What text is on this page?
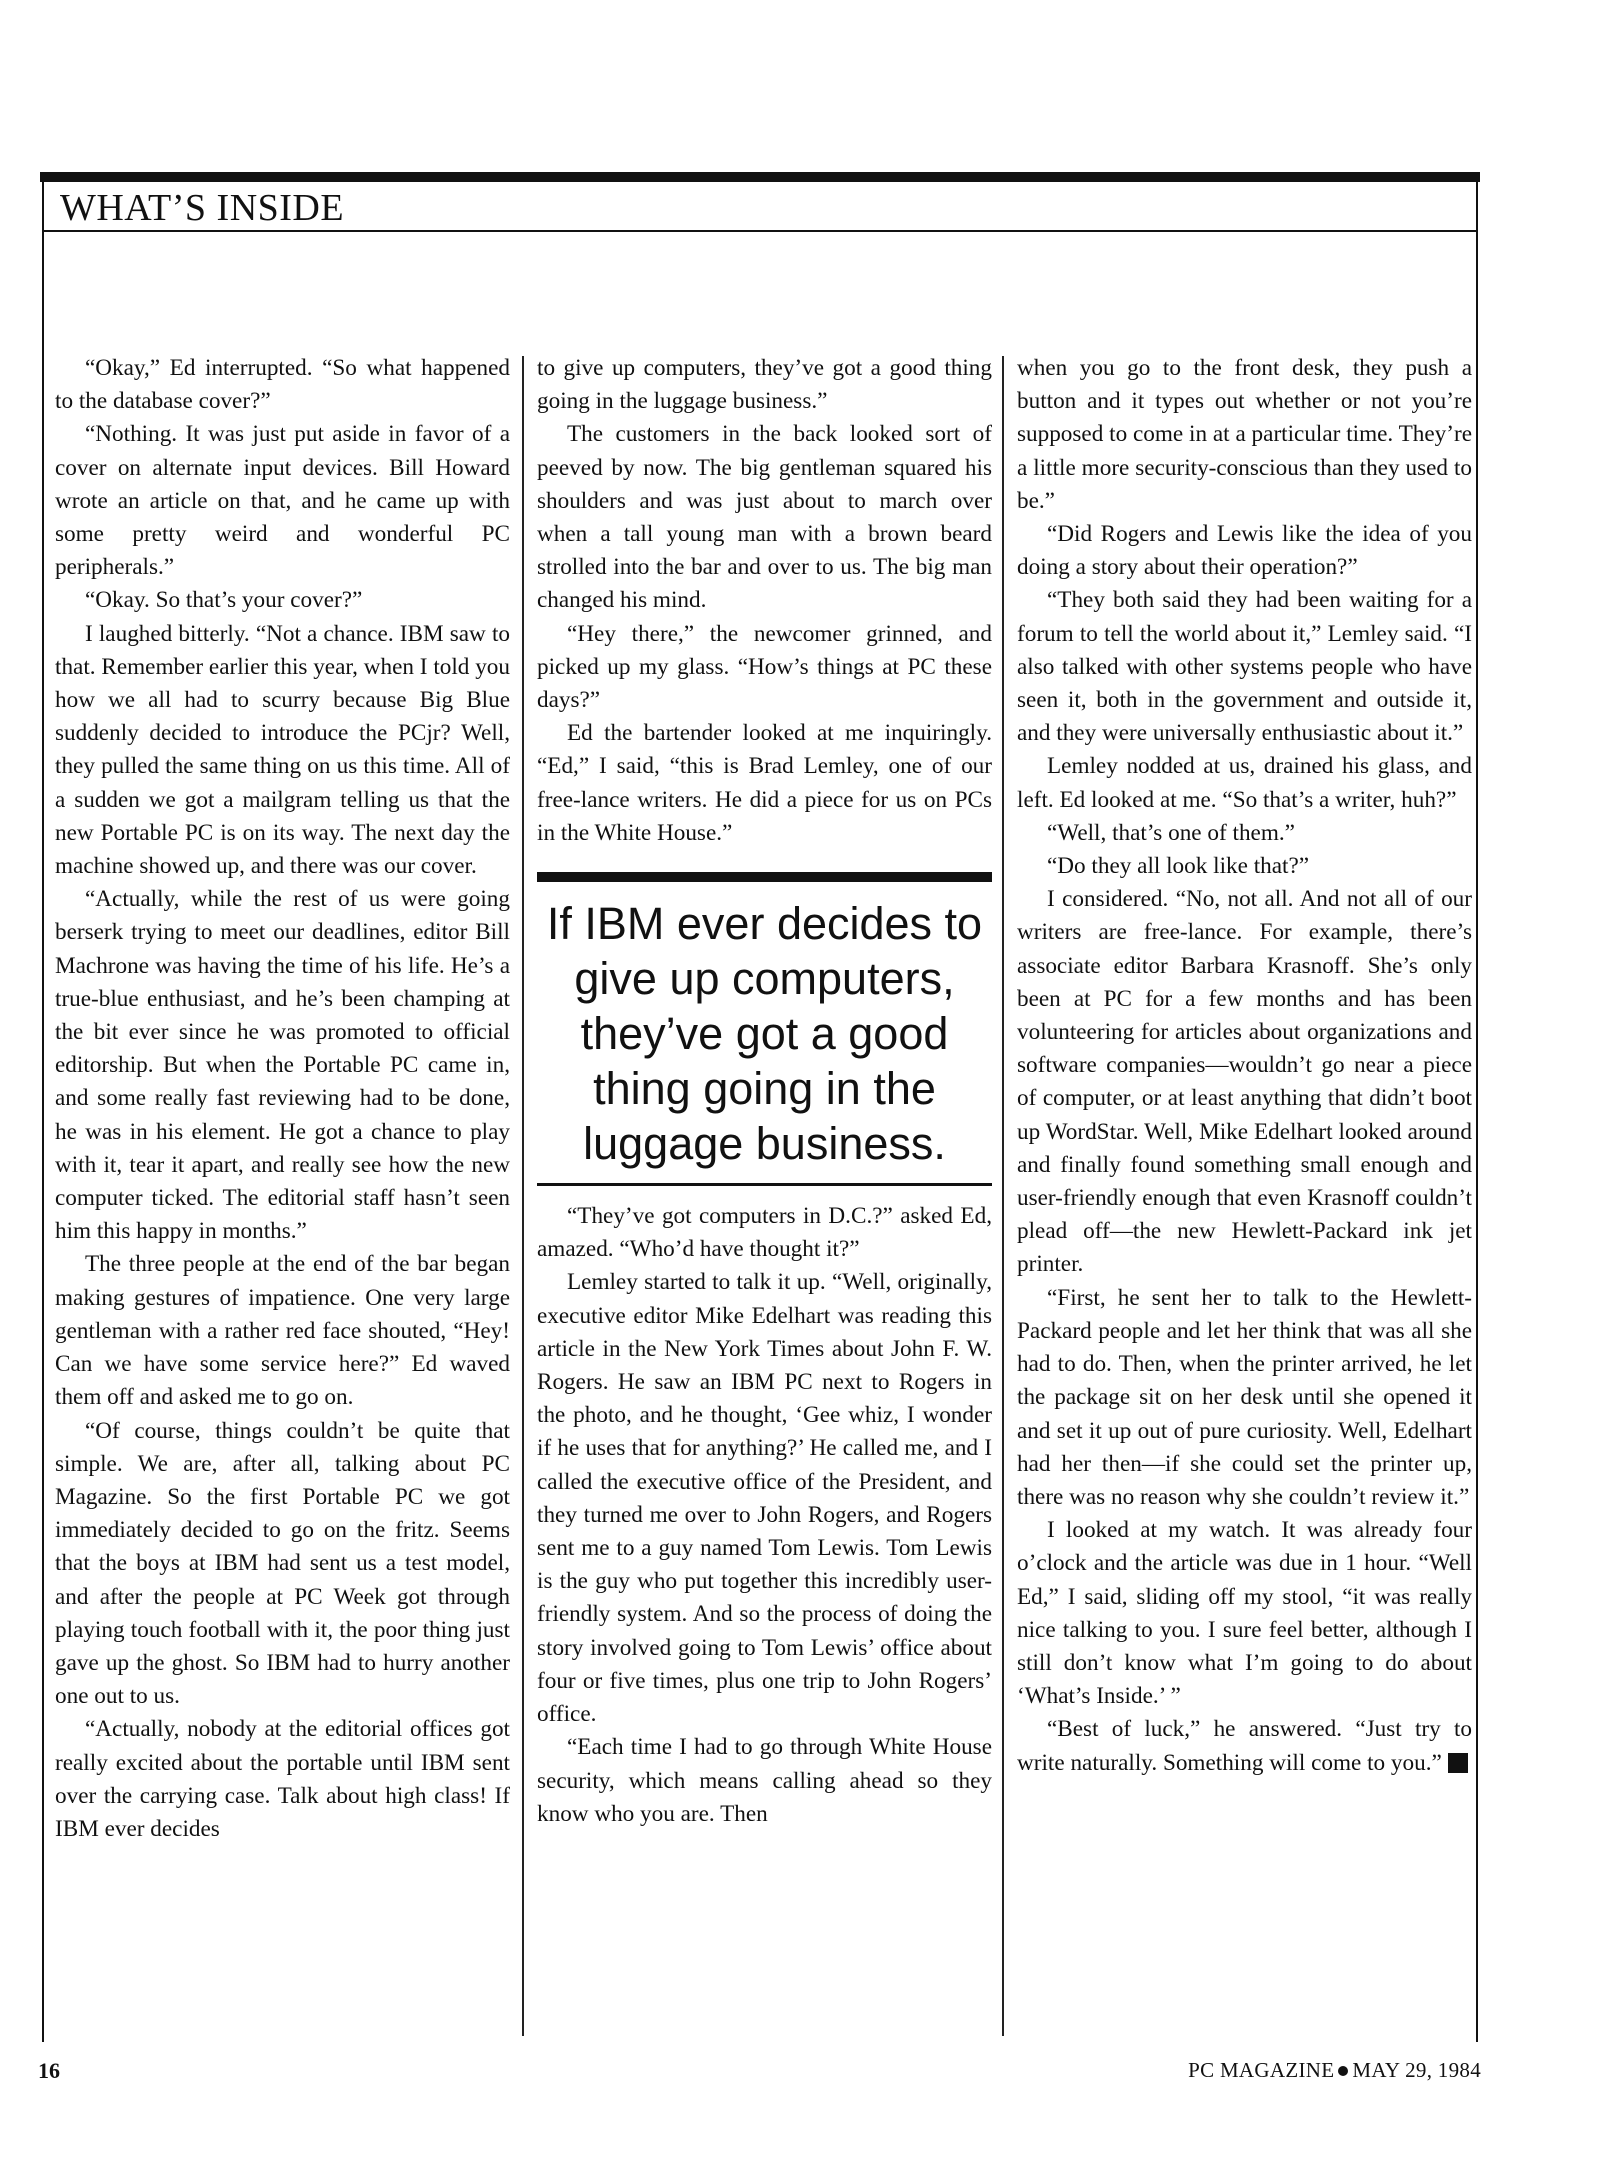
WHAT’S INSIDE

“Okay,” Ed interrupted. “So what happened to the database cover?”

“Nothing. It was just put aside in favor of a cover on alternate input devices. Bill Howard wrote an article on that, and he came up with some pretty weird and wonderful PC peripherals.”

“Okay. So that’s your cover?”

I laughed bitterly. “Not a chance. IBM saw to that. Remember earlier this year, when I told you how we all had to scurry because Big Blue suddenly decided to introduce the PCjr? Well, they pulled the same thing on us this time. All of a sudden we got a mailgram telling us that the new Portable PC is on its way. The next day the machine showed up, and there was our cover.

“Actually, while the rest of us were going berserk trying to meet our deadlines, editor Bill Machrone was having the time of his life. He’s a true-blue enthusiast, and he’s been champing at the bit ever since he was promoted to official editorship. But when the Portable PC came in, and some really fast reviewing had to be done, he was in his element. He got a chance to play with it, tear it apart, and really see how the new computer ticked. The editorial staff hasn’t seen him this happy in months.”

The three people at the end of the bar began making gestures of impatience. One very large gentleman with a rather red face shouted, “Hey! Can we have some service here?” Ed waved them off and asked me to go on.

“Of course, things couldn’t be quite that simple. We are, after all, talking about PC Magazine. So the first Portable PC we got immediately decided to go on the fritz. Seems that the boys at IBM had sent us a test model, and after the people at PC Week got through playing touch football with it, the poor thing just gave up the ghost. So IBM had to hurry another one out to us.

“Actually, nobody at the editorial offices got really excited about the portable until IBM sent over the carrying case. Talk about high class! If IBM ever decides

to give up computers, they’ve got a good thing going in the luggage business.”

The customers in the back looked sort of peeved by now. The big gentleman squared his shoulders and was just about to march over when a tall young man with a brown beard strolled into the bar and over to us. The big man changed his mind.

“Hey there,” the newcomer grinned, and picked up my glass. “How’s things at PC these days?”

Ed the bartender looked at me inquiringly. “Ed,” I said, “this is Brad Lemley, one of our free-lance writers. He did a piece for us on PCs in the White House.”

If IBM ever decides to give up computers, they’ve got a good thing going in the luggage business.

“They’ve got computers in D.C.?” asked Ed, amazed. “Who’d have thought it?”

Lemley started to talk it up. “Well, originally, executive editor Mike Edelhart was reading this article in the New York Times about John F. W. Rogers. He saw an IBM PC next to Rogers in the photo, and he thought, ‘Gee whiz, I wonder if he uses that for anything?’ He called me, and I called the executive office of the President, and they turned me over to John Rogers, and Rogers sent me to a guy named Tom Lewis. Tom Lewis is the guy who put together this incredibly user-friendly system. And so the process of doing the story involved going to Tom Lewis’ office about four or five times, plus one trip to John Rogers’ office.

“Each time I had to go through White House security, which means calling ahead so they know who you are. Then

when you go to the front desk, they push a button and it types out whether or not you’re supposed to come in at a particular time. They’re a little more security-conscious than they used to be.”

“Did Rogers and Lewis like the idea of you doing a story about their operation?”

“They both said they had been waiting for a forum to tell the world about it,” Lemley said. “I also talked with other systems people who have seen it, both in the government and outside it, and they were universally enthusiastic about it.”

Lemley nodded at us, drained his glass, and left. Ed looked at me. “So that’s a writer, huh?”

“Well, that’s one of them.”

“Do they all look like that?”

I considered. “No, not all. And not all of our writers are free-lance. For example, there’s associate editor Barbara Krasnoff. She’s only been at PC for a few months and has been volunteering for articles about organizations and software companies—wouldn’t go near a piece of computer, or at least anything that didn’t boot up WordStar. Well, Mike Edelhart looked around and finally found something small enough and user-friendly enough that even Krasnoff couldn’t plead off—the new Hewlett-Packard ink jet printer.

“First, he sent her to talk to the Hewlett-Packard people and let her think that was all she had to do. Then, when the printer arrived, he let the package sit on her desk until she opened it and set it up out of pure curiosity. Well, Edelhart had her then—if she could set the printer up, there was no reason why she couldn’t review it.”

I looked at my watch. It was already four o’clock and the article was due in 1 hour. “Well Ed,” I said, sliding off my stool, “it was really nice talking to you. I sure feel better, although I still don’t know what I’m going to do about ‘What’s Inside.’ ”

“Best of luck,” he answered. “Just try to write naturally. Something will come to you.”

16	PC MAGAZINE MAY 29, 1984
